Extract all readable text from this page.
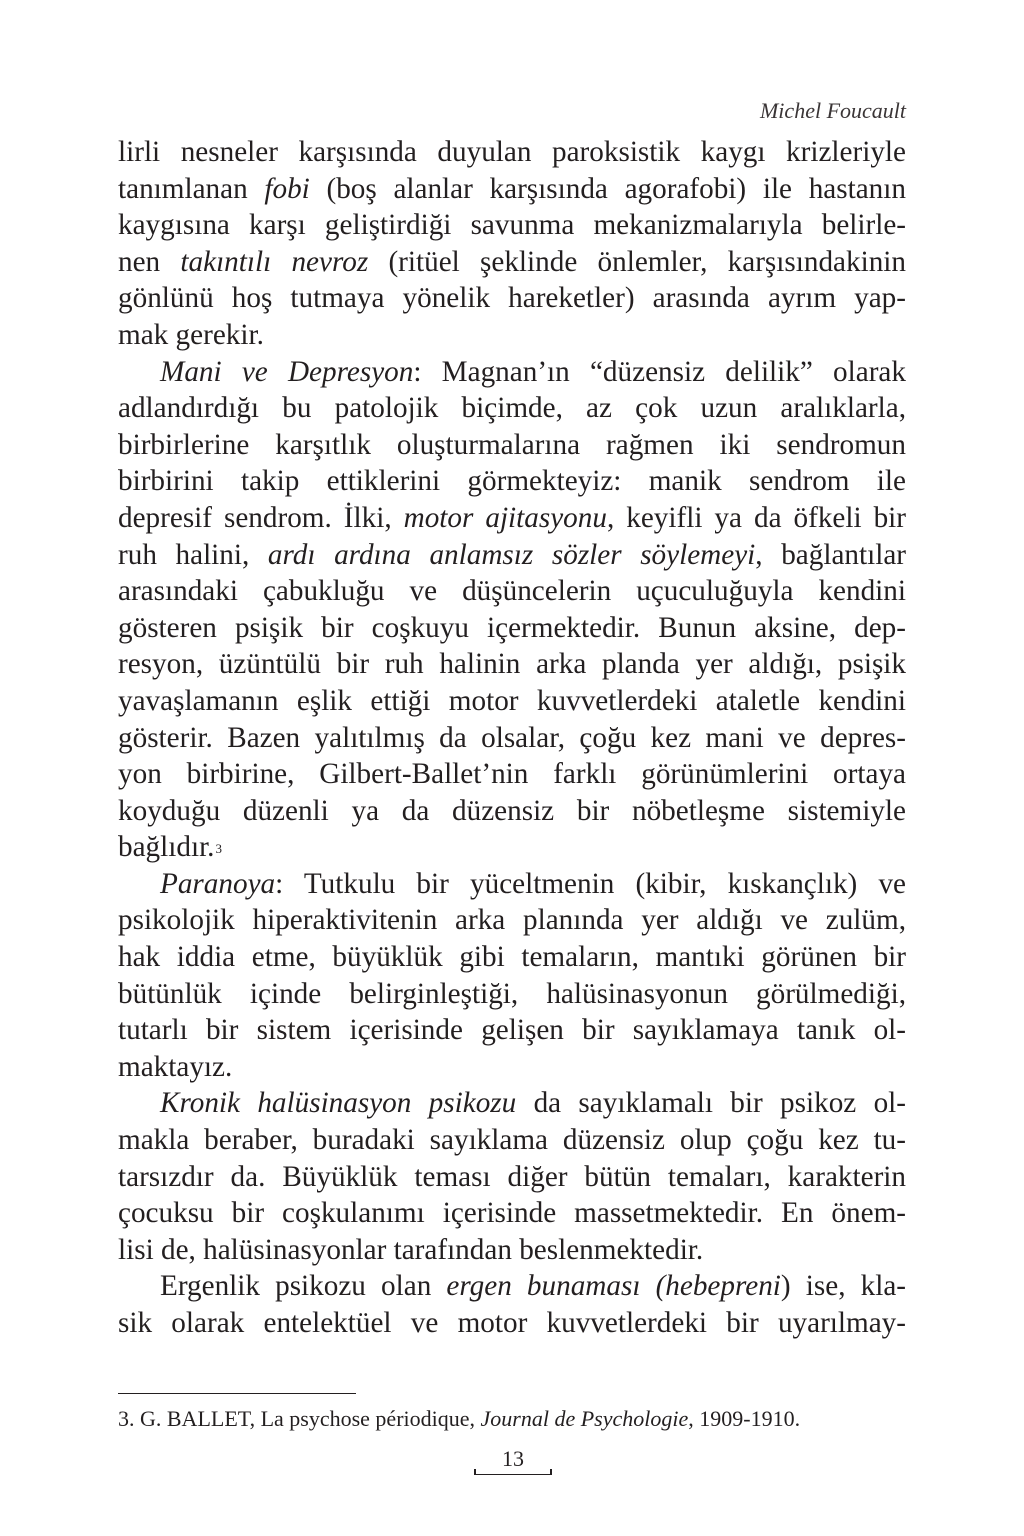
Michel Foucault
lirli nesneler karşısında duyulan paroksistik kaygı krizleriyle
tanımlanan fobi (boş alanlar karşısında agorafobi) ile hastanın
kaygısına karşı geliştirdiği savunma mekanizmalarıyla belirle-
nen takıntılı nevroz (ritüel şeklinde önlemler, karşısındakinin
gönlünü hoş tutmaya yönelik hareketler) arasında ayrım yap-
mak gerekir.
Mani ve Depresyon: Magnan’ın “düzensiz delilik” olarak
adlandırdığı bu patolojik biçimde, az çok uzun aralıklarla,
birbirlerine karşıtlık oluşturmalarına rağmen iki sendromun
birbirini takip ettiklerini görmekteyiz: manik sendrom ile
depresif sendrom. İlki, motor ajitasyonu, keyifli ya da öfkeli bir
ruh halini, ardı ardına anlamsız sözler söylemeyi, bağlantılar
arasındaki çabukluğu ve düşüncelerin uçuculuğuyla kendini
gösteren psişik bir coşkuyu içermektedir. Bunun aksine, dep-
resyon, üzüntülü bir ruh halinin arka planda yer aldığı, psişik
yavaşlamanın eşlik ettiği motor kuvvetlerdeki ataletle kendini
gösterir. Bazen yalıtılmış da olsalar, çoğu kez mani ve depres-
yon birbirine, Gilbert-Ballet’nin farklı görünümlerini ortaya
koyduğu düzenli ya da düzensiz bir nöbetleşme sistemiyle
bağlıdır.$^3$
Paranoya: Tutkulu bir yüceltmenin (kibir, kıskançlık) ve
psikolojik hiperaktivitenin arka planında yer aldığı ve zulüm,
hak iddia etme, büyüklük gibi temaların, mantıki görünen bir
bütünlük içinde belirginleştiği, halüsinasyonun görülmediği,
tutarlı bir sistem içerisinde gelişen bir sayıklamaya tanık ol-
maktayız.
Kronik halüsinasyon psikozu da sayıklamalı bir psikoz ol-
makla beraber, buradaki sayıklama düzensiz olup çoğu kez tu-
tarsızdır da. Büyüklük teması diğer bütün temaları, karakterin
çocuksu bir coşkulanımı içerisinde massetmektedir. En önem-
lisi de, halüsinasyonlar tarafından beslenmektedir.
Ergenlik psikozu olan ergen bunaması (hebepreni) ise, kla-
sik olarak entelektüel ve motor kuvvetlerdeki bir uyarılmay-
3. G. BALLET, La psychose périodique, Journal de Psychologie, 1909-1910.
13
